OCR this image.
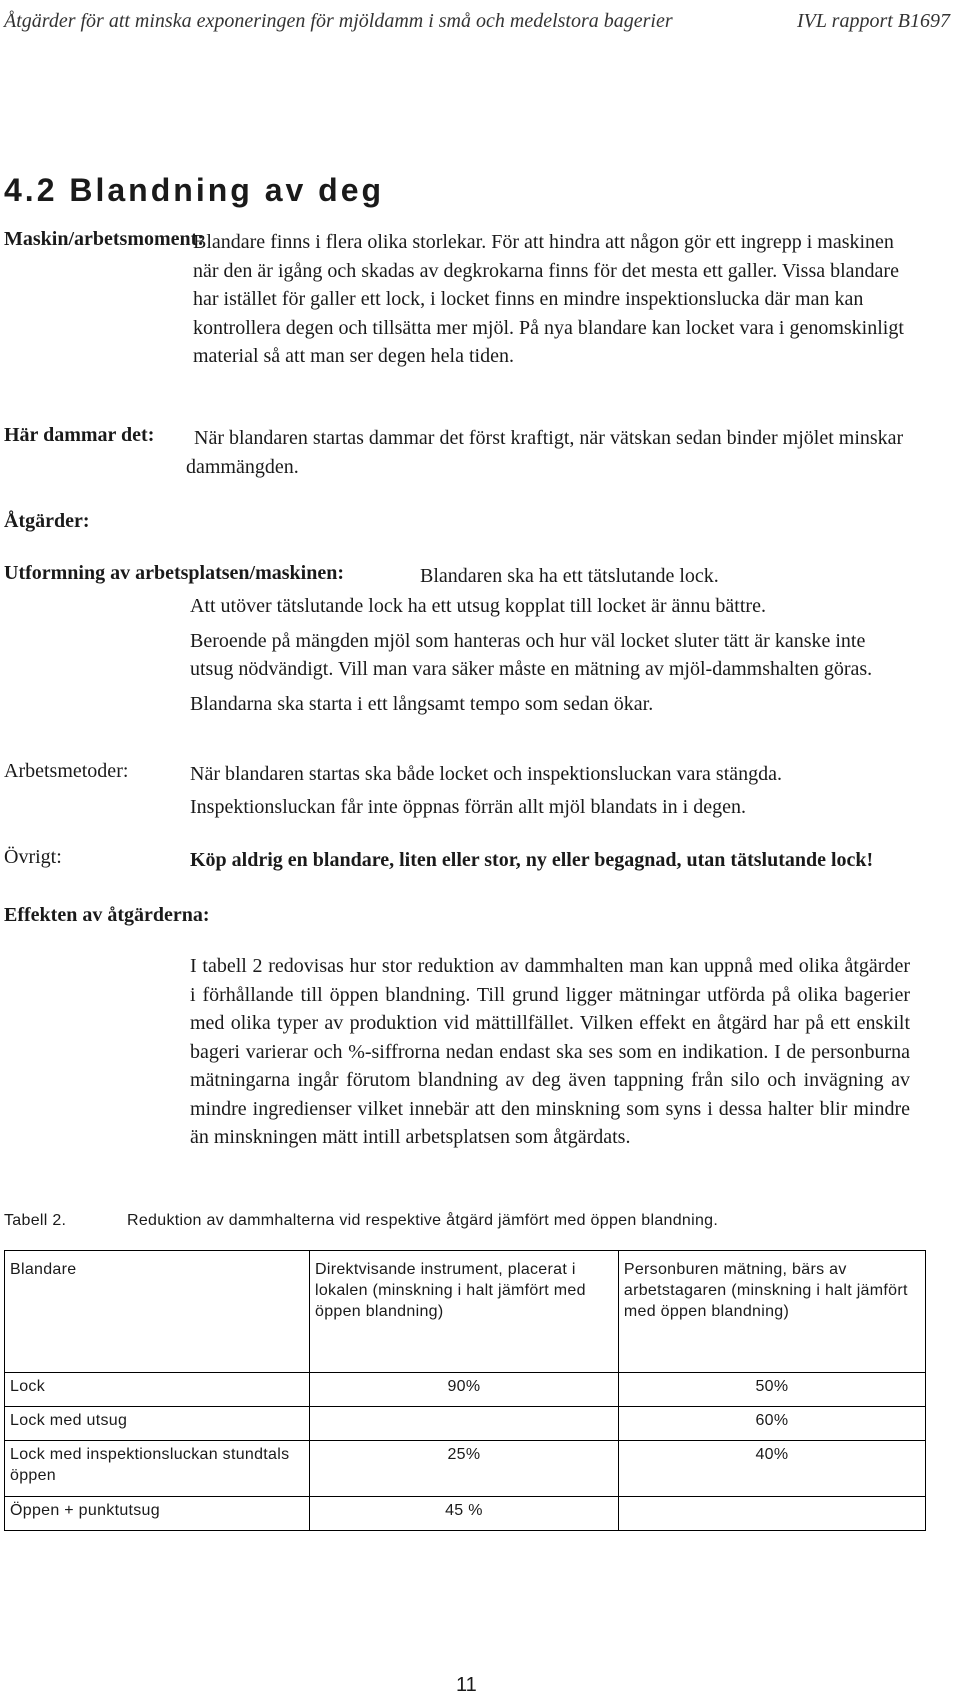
Åtgärder för att minska exponeringen för mjöldamm i små och medelstora bagerier	IVL rapport B1697
4.2 Blandning av deg
Maskin/arbetsmoment:
Blandare finns i flera olika storlekar. För att hindra att någon gör ett ingrepp i maskinen när den är igång och skadas av degkrokarna finns för det mesta ett galler. Vissa blandare har istället för galler ett lock, i locket finns en mindre inspektionslucka där man kan kontrollera degen och tillsätta mer mjöl. På nya blandare kan locket vara i genomskinligt material så att man ser degen hela tiden.
Här dammar det:	När blandaren startas dammar det först kraftigt, när vätskan sedan binder mjölet minskar dammängden.
Åtgärder:
Utformning av arbetsplatsen/maskinen:	Blandaren ska ha ett tätslutande lock.

Att utöver tätslutande lock ha ett utsug kopplat till locket är ännu bättre.

Beroende på mängden mjöl som hanteras och hur väl locket sluter tätt är kanske inte utsug nödvändigt. Vill man vara säker måste en mätning av mjöl-dammshalten göras.

Blandarna ska starta i ett långsamt tempo som sedan ökar.

Arbetsmetoder:	När blandaren startas ska både locket och inspektionsluckan vara stängda.

Inspektionsluckan får inte öppnas förrän allt mjöl blandats in i degen.

Övrigt:	Köp aldrig en blandare, liten eller stor, ny eller begagnad, utan tätslutande lock!
Effekten av åtgärderna:
I tabell 2 redovisas hur stor reduktion av dammhalten man kan uppnå med olika åtgärder i förhållande till öppen blandning. Till grund ligger mätningar utförda på olika bagerier med olika typer av produktion vid mättillfället. Vilken effekt en åtgärd har på ett enskilt bageri varierar och %-siffrorna nedan endast ska ses som en indikation. I de personburna mätningarna ingår förutom blandning av deg även tappning från silo och invägning av mindre ingredienser vilket innebär att den minskning som syns i dessa halter blir mindre än minskningen mätt intill arbetsplatsen som åtgärdats.
Tabell 2.	Reduktion av dammhalterna vid respektive åtgärd jämfört med öppen blandning.
Blandare	Direktvisande instrument, placerat i lokalen (minskning i halt jämfört med öppen blandning)	Personburen mätning, bärs av arbetstagaren (minskning i halt jämfört med öppen blandning)
Lock	90%	50%
Lock med utsug		60%
Lock med inspektionsluckan stundtals öppen	25%	40%
Öppen + punktutsug	45 %	
11
